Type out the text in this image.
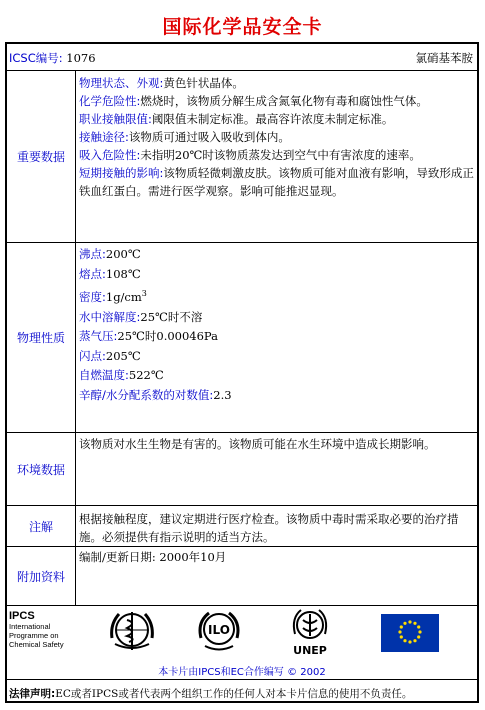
国际化学品安全卡
ICSC编号: 1076	氯硝基苯胺
重要数据
物理状态、外观:黄色针状晶体。
化学危险性:燃烧时，该物质分解生成含氮氧化物有毒和腐蚀性气体。
职业接触限值:阈限值未制定标准。最高容许浓度未制定标准。
接触途径:该物质可通过吸入吸收到体内。
吸入危险性:未指明20℃时该物质蒸发达到空气中有害浓度的速率。
短期接触的影响:该物质轻微刺激皮肤。该物质可能对血液有影响，导致形成正铁血红蛋白。需进行医学观察。影响可能推迟显现。
物理性质
沸点:200℃
熔点:108℃
密度$:1g/cm^3$
水中溶解度:25℃时不溶
蒸气压:25℃时0.00046Pa
闪点:205℃
自燃温度:522℃
辛醇/水分配系数的对数值:2.3
环境数据
该物质对水生生物是有害的。该物质可能在水生环境中造成长期影响。
注解
根据接触程度，建议定期进行医疗检查。该物质中毒时需采取必要的治疗措施。必须提供有指示说明的适当方法。
附加资料
编制/更新日期: 2000年10月
IPCS
International
Programme on
Chemical Safety
ILO
UNEP
本卡片由IPCS和EC合作编写 © 2002
法律声明:EC或者IPCS或者代表两个组织工作的任何人对本卡片信息的使用不负责任。
